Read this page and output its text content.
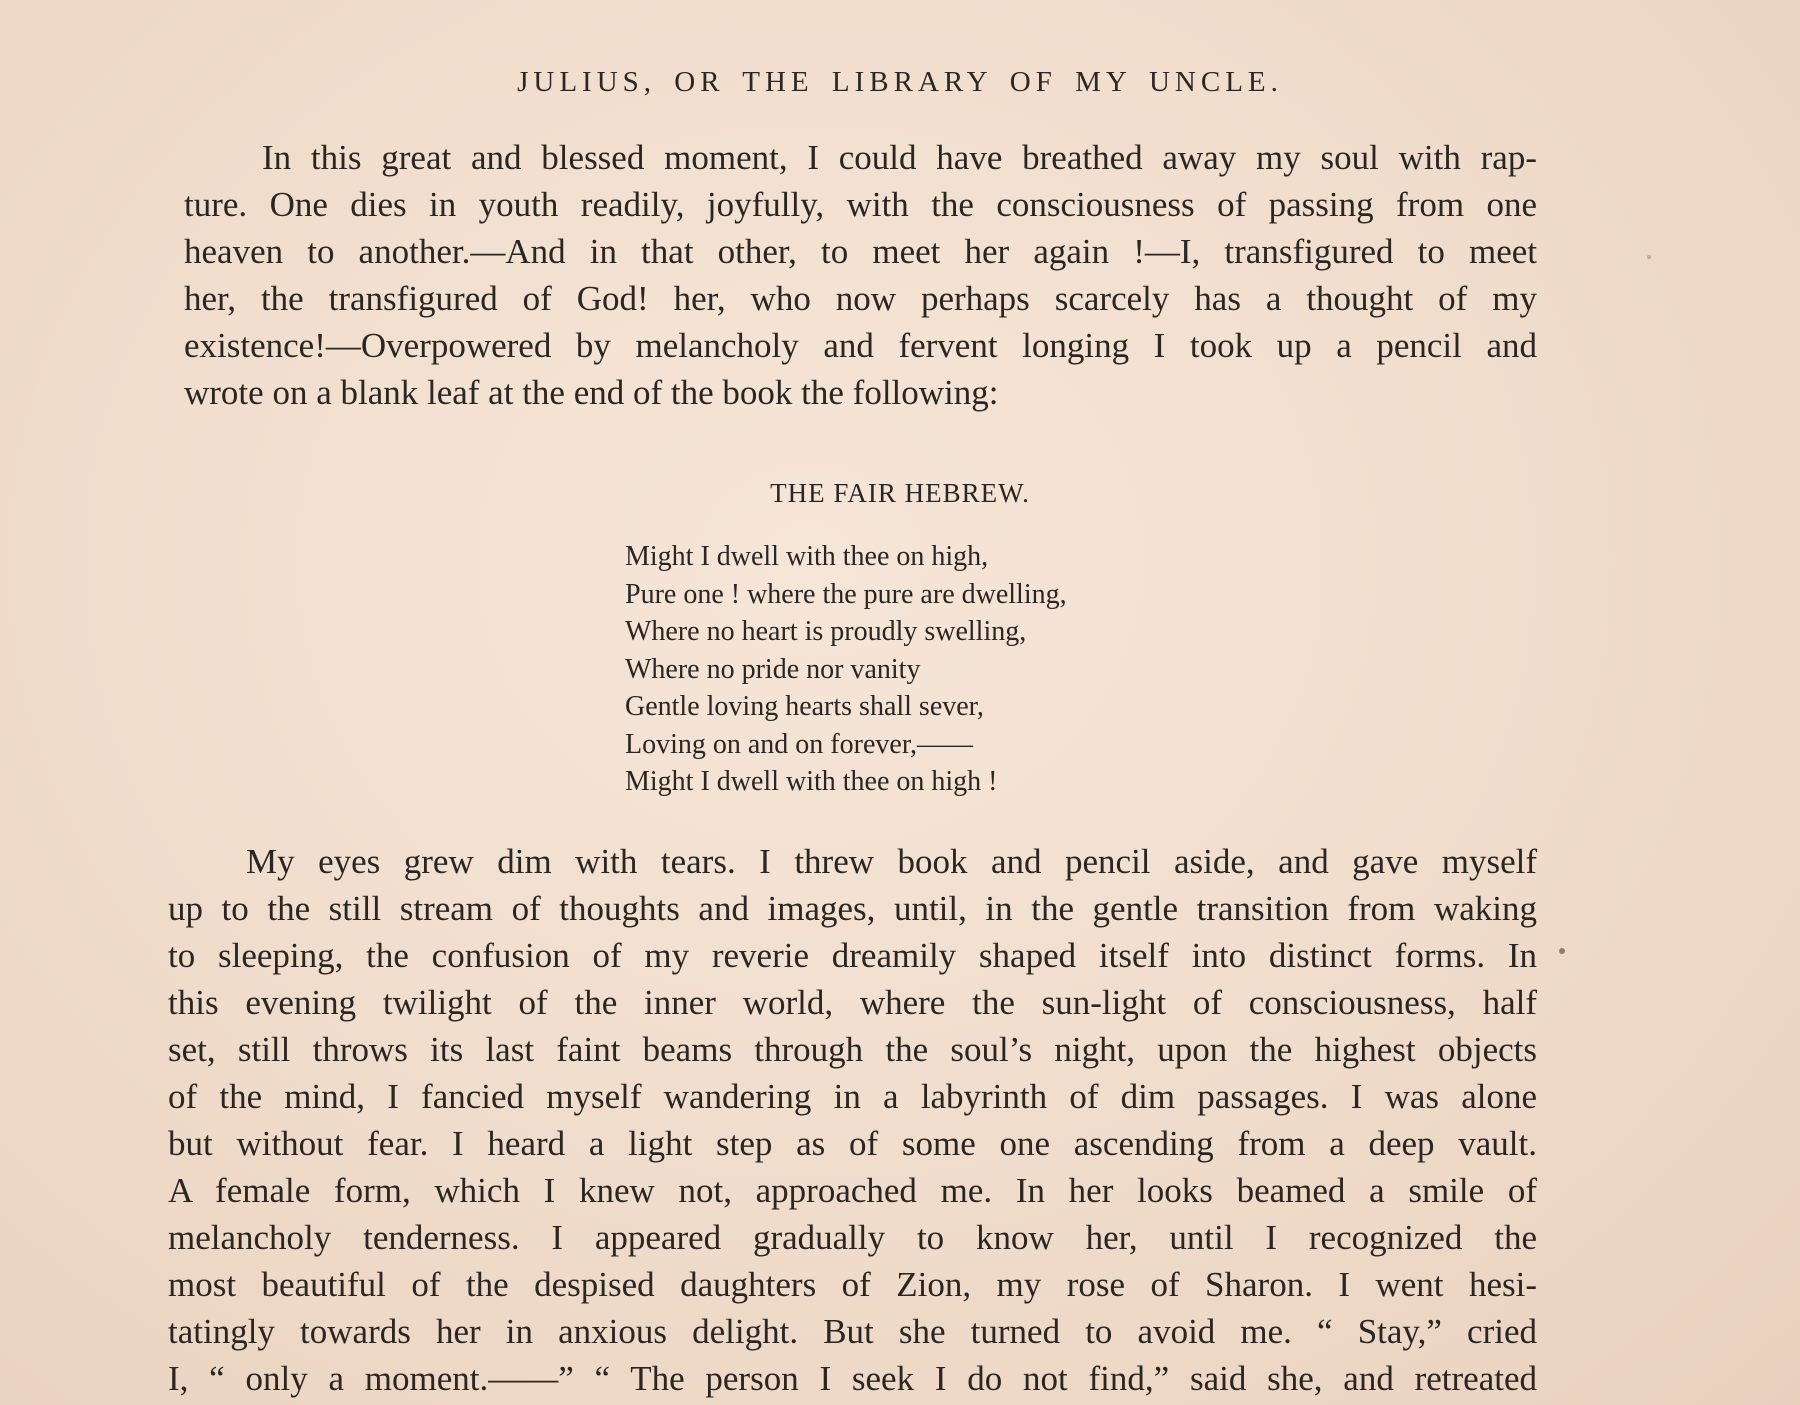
JULIUS, OR THE LIBRARY OF MY UNCLE.
In this great and blessed moment, I could have breathed away my soul with rap-
ture. One dies in youth readily, joyfully, with the consciousness of passing from one
heaven to another.—And in that other, to meet her again !—I, transfigured to meet
her, the transfigured of God! her, who now perhaps scarcely has a thought of my
existence!—Overpowered by melancholy and fervent longing I took up a pencil and
wrote on a blank leaf at the end of the book the following:
THE FAIR HEBREW.
Might I dwell with thee on high,
Pure one ! where the pure are dwelling,
Where no heart is proudly swelling,
Where no pride nor vanity
Gentle loving hearts shall sever,
Loving on and on forever,——
Might I dwell with thee on high !
My eyes grew dim with tears. I threw book and pencil aside, and gave myself
up to the still stream of thoughts and images, until, in the gentle transition from waking
to sleeping, the confusion of my reverie dreamily shaped itself into distinct forms. In
this evening twilight of the inner world, where the sun-light of consciousness, half
set, still throws its last faint beams through the soul’s night, upon the highest objects
of the mind, I fancied myself wandering in a labyrinth of dim passages. I was alone
but without fear. I heard a light step as of some one ascending from a deep vault.
A female form, which I knew not, approached me. In her looks beamed a smile of
melancholy tenderness. I appeared gradually to know her, until I recognized the
most beautiful of the despised daughters of Zion, my rose of Sharon. I went hesi-
tatingly towards her in anxious delight. But she turned to avoid me. “ Stay,” cried
I, “ only a moment.——” “ The person I seek I do not find,” said she, and retreated
